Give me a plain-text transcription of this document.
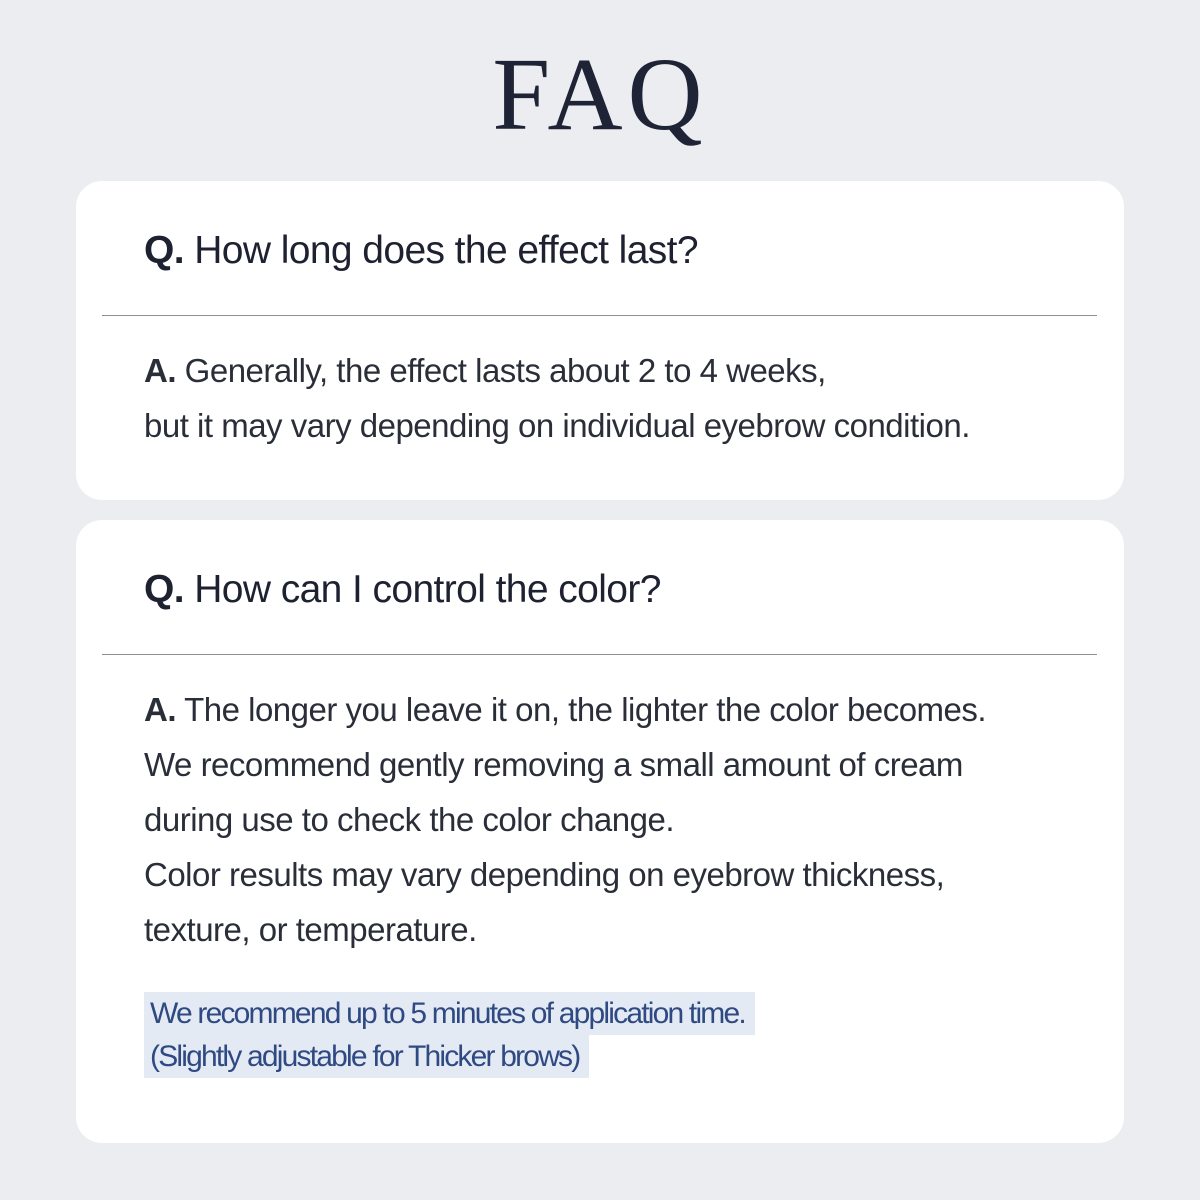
FAQ
Q. How long does the effect last?
A. Generally, the effect lasts about 2 to 4 weeks,
but it may vary depending on individual eyebrow condition.
Q. How can I control the color?
A. The longer you leave it on, the lighter the color becomes.
We recommend gently removing a small amount of cream
during use to check the color change.
Color results may vary depending on eyebrow thickness,
texture, or temperature.
We recommend up to 5 minutes of application time.
(Slightly adjustable for Thicker brows)
